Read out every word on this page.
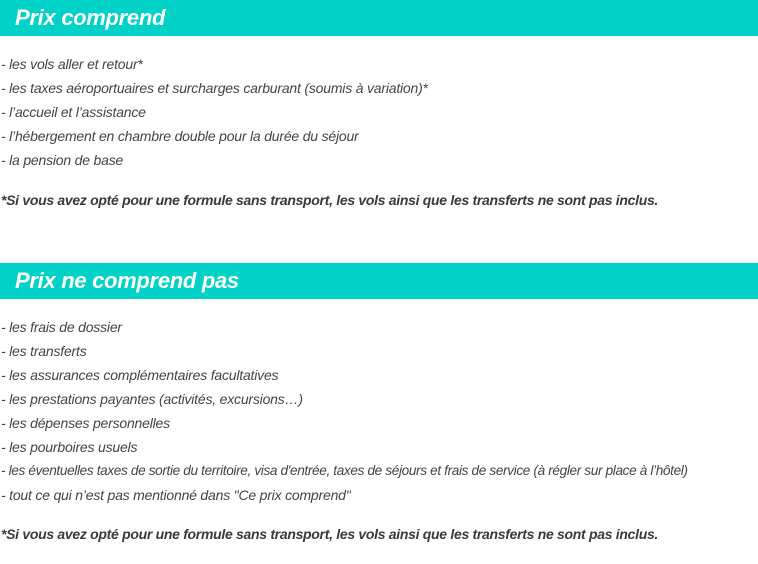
Prix comprend
- les vols aller et retour*
- les taxes aéroportuaires et surcharges carburant (soumis à variation)*
- l’accueil et l’assistance
- l’hébergement en chambre double pour la durée du séjour
- la pension de base
*Si vous avez opté pour une formule sans transport, les vols ainsi que les transferts ne sont pas inclus.
Prix ne comprend pas
- les frais de dossier
- les transferts
- les assurances complémentaires facultatives
- les prestations payantes (activités, excursions…)
- les dépenses personnelles
- les pourboires usuels
- les éventuelles taxes de sortie du territoire, visa d'entrée, taxes de séjours et frais de service (à régler sur place à l’hôtel)
- tout ce qui n’est pas mentionné dans "Ce prix comprend"
*Si vous avez opté pour une formule sans transport, les vols ainsi que les transferts ne sont pas inclus.
